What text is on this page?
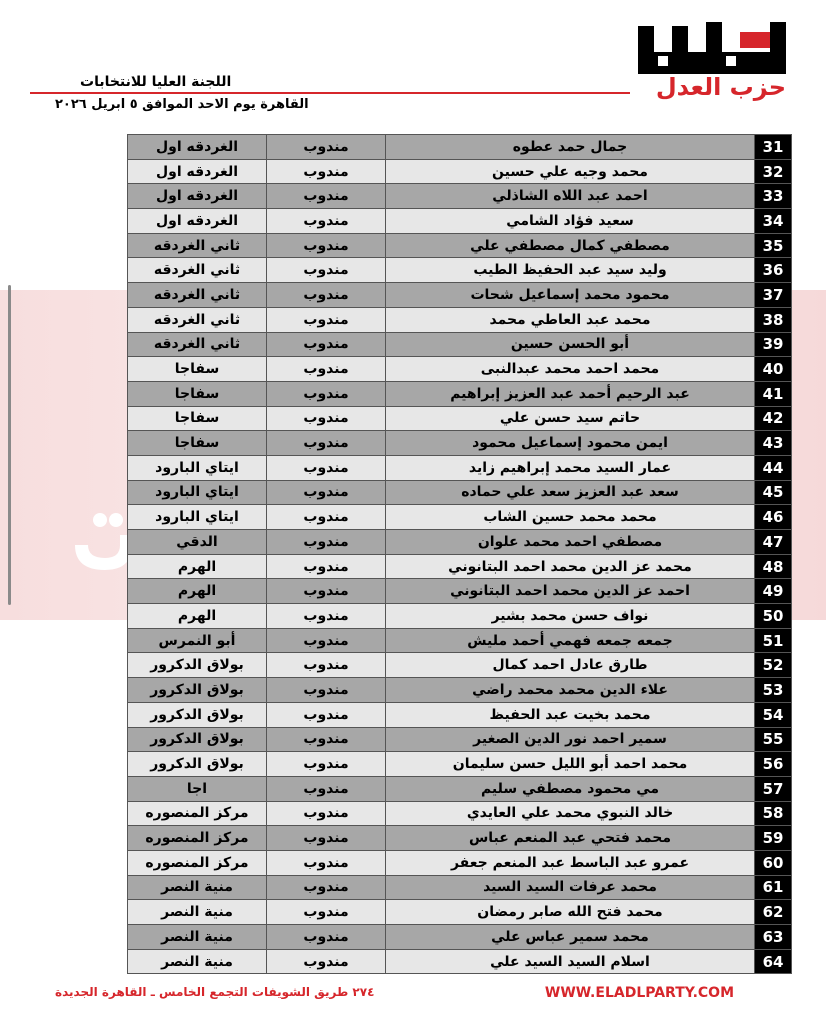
حزب العدل
اللجنة العليا للانتخابات
القاهرة يوم الاحد الموافق ٥ ابريل ٢٠٢٦
الغردقه اول	مندوب	جمال حمد عطوه	31
الغردقه اول	مندوب	محمد وجيه علي حسين	32
الغردقه اول	مندوب	احمد عبد اللاه الشاذلي	33
الغردقه اول	مندوب	سعيد فؤاد الشامي	34
ثاني الغردقه	مندوب	مصطفي كمال مصطفي علي	35
ثاني الغردقه	مندوب	وليد سيد عبد الحفيظ الطيب	36
ثاني الغردقه	مندوب	محمود محمد إسماعيل شحات	37
ثاني الغردقه	مندوب	محمد عبد العاطي محمد	38
ثاني الغردقه	مندوب	أبو الحسن حسين	39
سفاجا	مندوب	محمد احمد محمد عبدالنبى	40
سفاجا	مندوب	عبد الرحيم أحمد عبد العزيز إبراهيم	41
سفاجا	مندوب	حاتم سيد حسن علي	42
سفاجا	مندوب	ايمن محمود إسماعيل محمود	43
ايتاي البارود	مندوب	عمار السيد محمد إبراهيم زايد	44
ايتاي البارود	مندوب	سعد عبد العزيز سعد علي حماده	45
ايتاي البارود	مندوب	محمد محمد حسين الشاب	46
الدقي	مندوب	مصطفي احمد محمد علوان	47
الهرم	مندوب	محمد عز الدين محمد احمد البتانوني	48
الهرم	مندوب	احمد عز الدين محمد احمد البتانوني	49
الهرم	مندوب	نواف حسن محمد بشير	50
أبو النمرس	مندوب	جمعه جمعه فهمي أحمد مليش	51
بولاق الدكرور	مندوب	طارق عادل احمد كمال	52
بولاق الدكرور	مندوب	علاء الدين محمد محمد راضي	53
بولاق الدكرور	مندوب	محمد بخيت عبد الحفيظ	54
بولاق الدكرور	مندوب	سمير احمد نور الدين الصغير	55
بولاق الدكرور	مندوب	محمد احمد أبو الليل حسن سليمان	56
اجا	مندوب	مي محمود مصطفي سليم	57
مركز المنصوره	مندوب	خالد النبوي محمد علي العايدي	58
مركز المنصوره	مندوب	محمد فتحي عبد المنعم عباس	59
مركز المنصوره	مندوب	عمرو عبد الباسط عبد المنعم جعفر	60
منية النصر	مندوب	محمد عرفات السيد السيد	61
منية النصر	مندوب	محمد فتح الله صابر رمضان	62
منية النصر	مندوب	محمد سمير عباس علي	63
منية النصر	مندوب	اسلام السيد السيد علي	64
٢٧٤ طريق الشويفات التجمع الخامس ـ القاهرة الجديدة	WWW.ELADLPARTY.COM
